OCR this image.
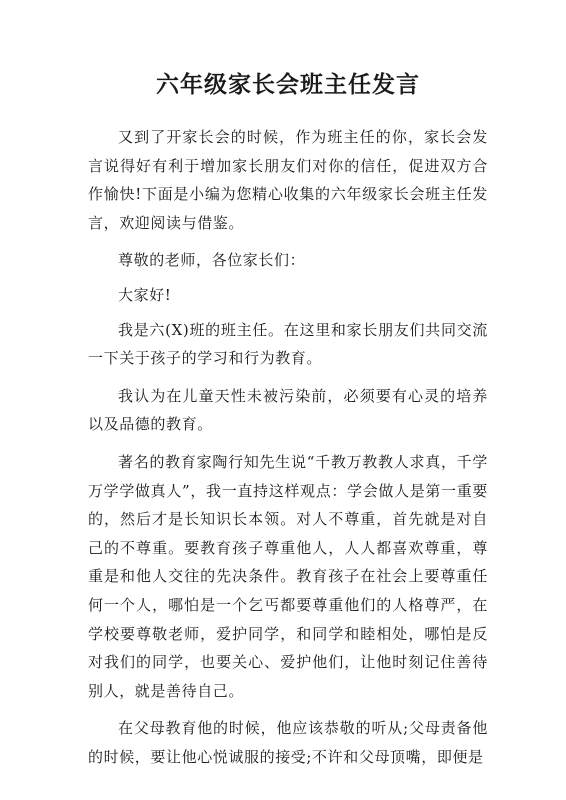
六年级家长会班主任发言

又到了开家长会的时候，作为班主任的你，家长会发言说得好有利于增加家长朋友们对你的信任，促进双方合作愉快!下面是小编为您精心收集的六年级家长会班主任发言，欢迎阅读与借鉴。

尊敬的老师，各位家长们：

大家好!

我是六(X)班的班主任。在这里和家长朋友们共同交流一下关于孩子的学习和行为教育。

我认为在儿童天性未被污染前，必须要有心灵的培养以及品德的教育。

著名的教育家陶行知先生说“千教万教教人求真，千学万学学做真人”，我一直持这样观点：学会做人是第一重要的，然后才是长知识长本领。对人不尊重，首先就是对自己的不尊重。要教育孩子尊重他人，人人都喜欢尊重，尊重是和他人交往的先决条件。教育孩子在社会上要尊重任何一个人，哪怕是一个乞丐都要尊重他们的人格尊严，在学校要尊敬老师，爱护同学，和同学和睦相处，哪怕是反对我们的同学，也要关心、爱护他们，让他时刻记住善待别人，就是善待自己。

在父母教育他的时候，他应该恭敬的听从;父母责备他的时候，要让他心悦诚服的接受;不许和父母顶嘴，即便是
